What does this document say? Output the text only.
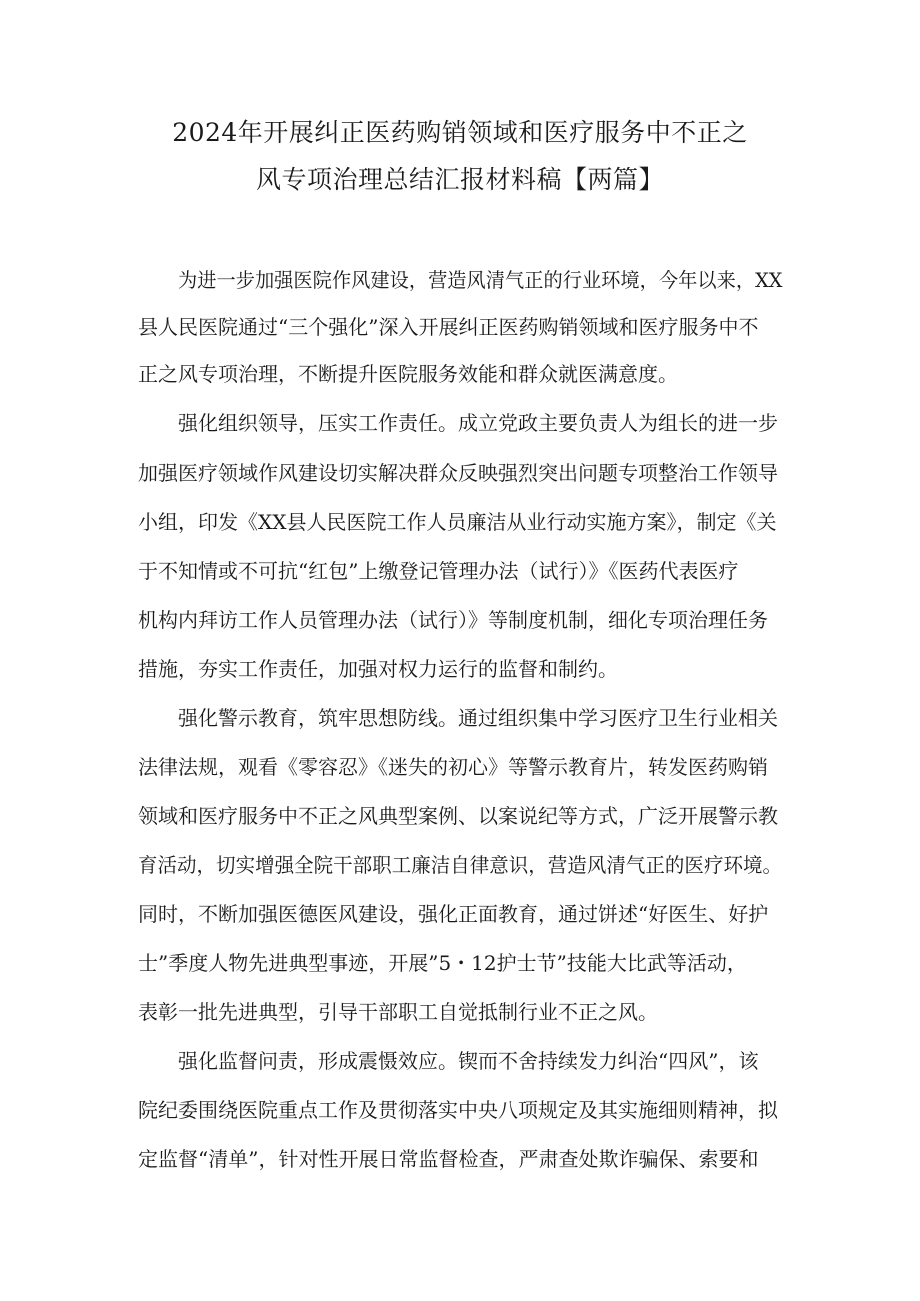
2024年开展纠正医药购销领域和医疗服务中不正之
风专项治理总结汇报材料稿【两篇】
为进一步加强医院作风建设，营造风清气正的行业环境，今年以来，XX
县人民医院通过“三个强化”深入开展纠正医药购销领域和医疗服务中不
正之风专项治理，不断提升医院服务效能和群众就医满意度。
强化组织领导，压实工作责任。成立党政主要负责人为组长的进一步
加强医疗领域作风建设切实解决群众反映强烈突出问题专项整治工作领导
小组，印发《XX县人民医院工作人员廉洁从业行动实施方案》，制定《关
于不知情或不可抗“红包”上缴登记管理办法（试行）》《医药代表医疗
机构内拜访工作人员管理办法（试行）》等制度机制，细化专项治理任务
措施，夯实工作责任，加强对权力运行的监督和制约。
强化警示教育，筑牢思想防线。通过组织集中学习医疗卫生行业相关
法律法规，观看《零容忍》《迷失的初心》等警示教育片，转发医药购销
领域和医疗服务中不正之风典型案例、以案说纪等方式，广泛开展警示教
育活动，切实增强全院干部职工廉洁自律意识，营造风清气正的医疗环境。
同时，不断加强医德医风建设，强化正面教育，通过饼述“好医生、好护
士”季度人物先进典型事迹，开展”5・12护士节”技能大比武等活动，
表彰一批先进典型，引导干部职工自觉抵制行业不正之风。
强化监督问责，形成震慑效应。锲而不舍持续发力纠治“四风”，该
院纪委围绕医院重点工作及贯彻落实中央八项规定及其实施细则精神，拟
定监督“清单”，针对性开展日常监督检查，严肃查处欺诈骗保、索要和
